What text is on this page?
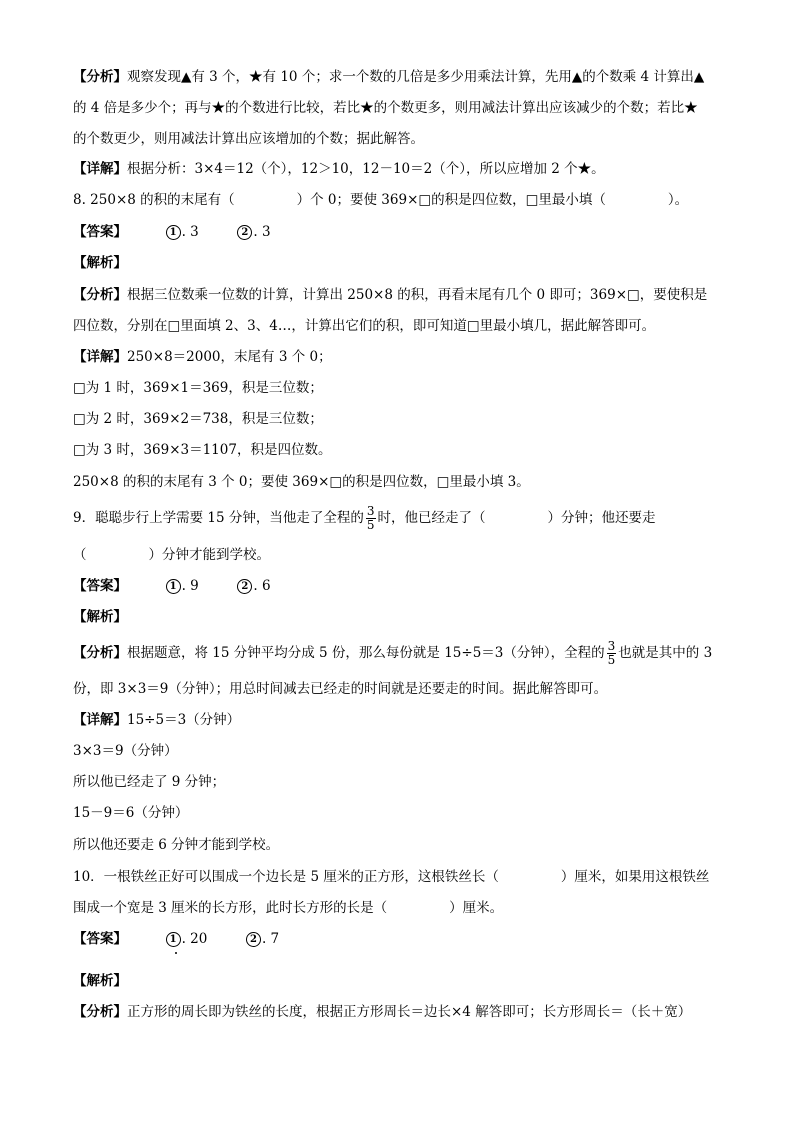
【分析】观察发现▲有 3 个，★有 10 个；求一个数的几倍是多少用乘法计算，先用▲的个数乘 4 计算出▲
的 4 倍是多少个；再与★的个数进行比较，若比★的个数更多，则用减法计算出应该减少的个数；若比★
的个数更少，则用减法计算出应该增加的个数；据此解答。
【详解】根据分析：3×4＝12（个），12＞10，12－10＝2（个），所以应增加 2 个★。
8. 250×8 的积的末尾有（	）个 0；要使 369×□的积是四位数，□里最小填（	）。
【答案】	1 . 3	2 . 3
【解析】
【分析】根据三位数乘一位数的计算，计算出 250×8 的积，再看末尾有几个 0 即可；369×□，要使积是
四位数，分别在□里面填 2、3、4…，计算出它们的积，即可知道□里最小填几，据此解答即可。
【详解】250×8＝2000，末尾有 3 个 0；
□为 1 时，369×1＝369，积是三位数；
□为 2 时，369×2＝738，积是三位数；
□为 3 时，369×3＝1107，积是四位数。
250×8 的积的末尾有 3 个 0；要使 369×□的积是四位数，□里最小填 3。
9．聪聪步行上学需要 15 分钟，当他走了全程的 $\frac{3}{5}$ 时，他已经走了（	）分钟；他还要走
（	）分钟才能到学校。
【答案】	1 . 9	2 . 6
【解析】
【分析】根据题意，将 15 分钟平均分成 5 份，那么每份就是 15÷5＝3（分钟），全程的 $\frac{3}{5}$ 也就是其中的 3
份，即 3×3＝9（分钟）；用总时间减去已经走的时间就是还要走的时间。据此解答即可。
【详解】15÷5＝3（分钟）
3×3＝9（分钟）
所以他已经走了 9 分钟；
15－9＝6（分钟）
所以他还要走 6 分钟才能到学校。
10．一根铁丝正好可以围成一个边长是 5 厘米的正方形，这根铁丝长（	）厘米，如果用这根铁丝
围成一个宽是 3 厘米的长方形，此时长方形的长是（	）厘米。
【答案】	1 . 20	2 . 7
【解析】
【分析】正方形的周长即为铁丝的长度，根据正方形周长＝边长×4 解答即可；长方形周长＝（长＋宽）
